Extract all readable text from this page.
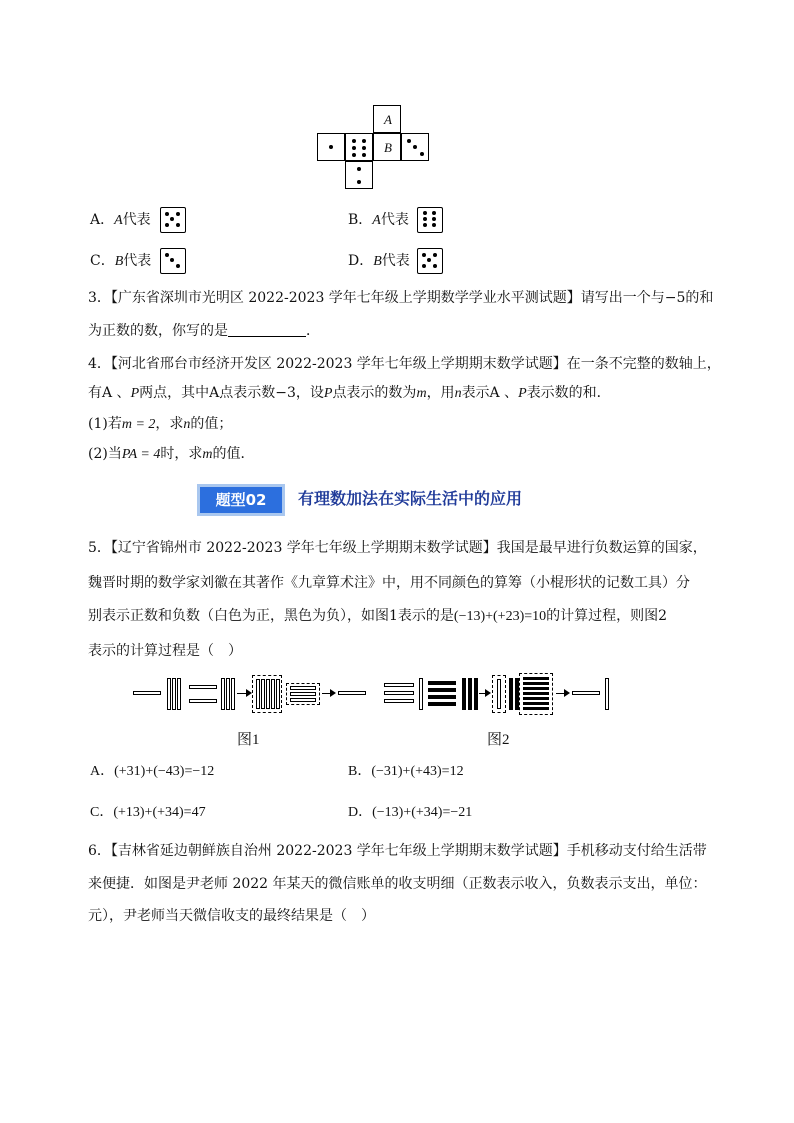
A
B
A．A代表	B．A代表
C．B代表	D．B代表
3．【广东省深圳市光明区 2022-2023 学年七年级上学期数学学业水平测试题】请写出一个与−5的和
为正数的数，你写的是	．
4．【河北省邢台市经济开发区 2022-2023 学年七年级上学期期末数学试题】在一条不完整的数轴上，
有A 、P两点，其中A点表示数−3，设P点表示的数为m，用n表示A 、P表示数的和．
(1)若m = 2，求n的值；
(2)当PA = 4时，求m的值．
题型02	有理数加法在实际生活中的应用
5．【辽宁省锦州市 2022-2023 学年七年级上学期期末数学试题】我国是最早进行负数运算的国家，
魏晋时期的数学家刘徽在其著作《九章算术注》中，用不同颜色的算筹（小棍形状的记数工具）分
别表示正数和负数（白色为正，黑色为负），如图1表示的是(−13)+(+23)=10的计算过程，则图2
表示的计算过程是（　）
图1	图2
A．(+31)+(−43)=−12	B．(−31)+(+43)=12
C．(+13)+(+34)=47	D．(−13)+(+34)=−21
6．【吉林省延边朝鲜族自治州 2022-2023 学年七年级上学期期末数学试题】手机移动支付给生活带
来便捷．如图是尹老师 2022 年某天的微信账单的收支明细（正数表示收入，负数表示支出，单位：
元），尹老师当天微信收支的最终结果是（　）
